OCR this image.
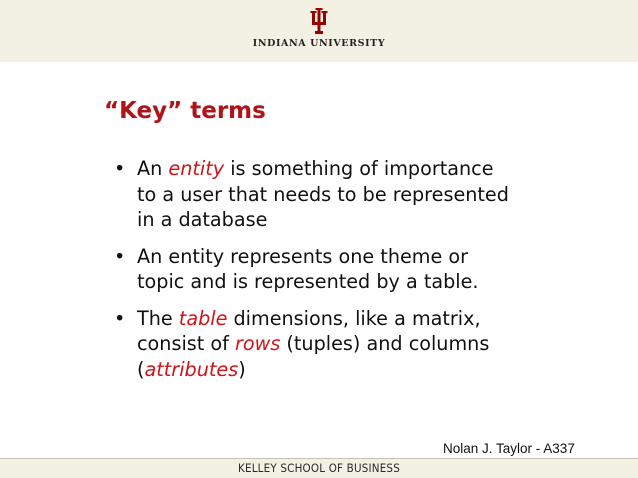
INDIANA UNIVERSITY
“Key” terms
• An entity is something of importance
to a user that needs to be represented
in a database
• An entity represents one theme or
topic and is represented by a table.
• The table dimensions, like a matrix,
consist of rows (tuples) and columns
(attributes)
Nolan J. Taylor - A337
KELLEY SCHOOL OF BUSINESS
